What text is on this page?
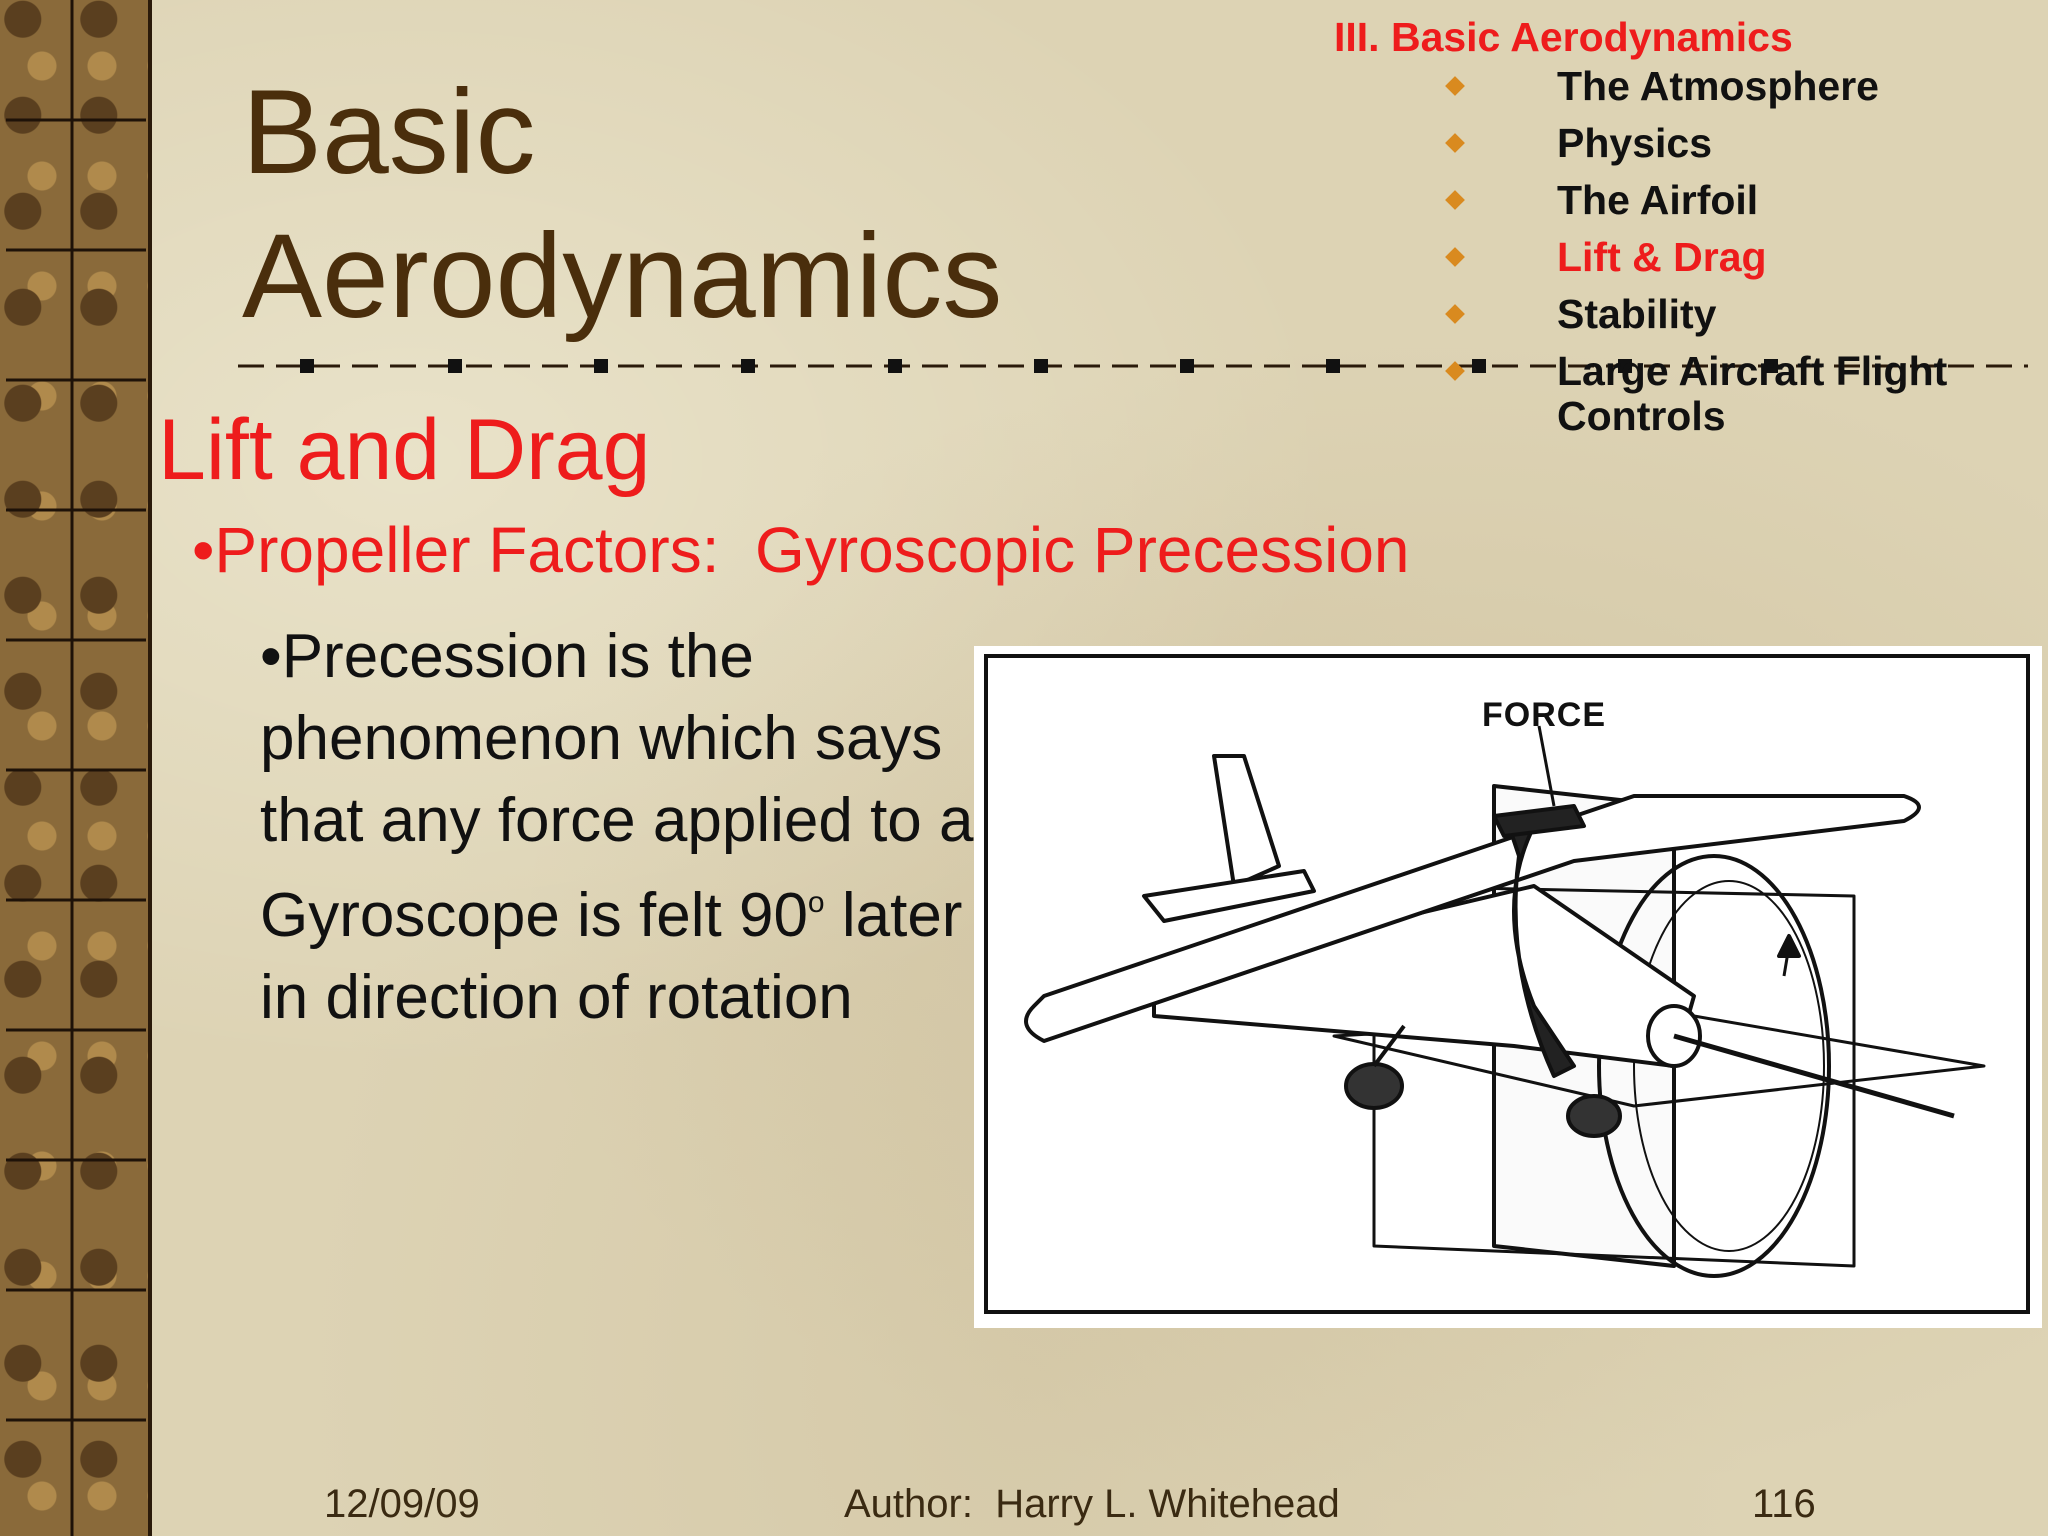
Basic
Aerodynamics
III. Basic Aerodynamics
The Atmosphere
Physics
The Airfoil
Lift & Drag
Stability
Large Aircraft Flight Controls
Lift and Drag
•Propeller Factors:  Gyroscopic Precession
•Precession is the phenomenon which says that any force applied to a Gyroscope is felt 90$^o$ later in direction of rotation
FORCE
12/09/09	Author:  Harry L. Whitehead	116
